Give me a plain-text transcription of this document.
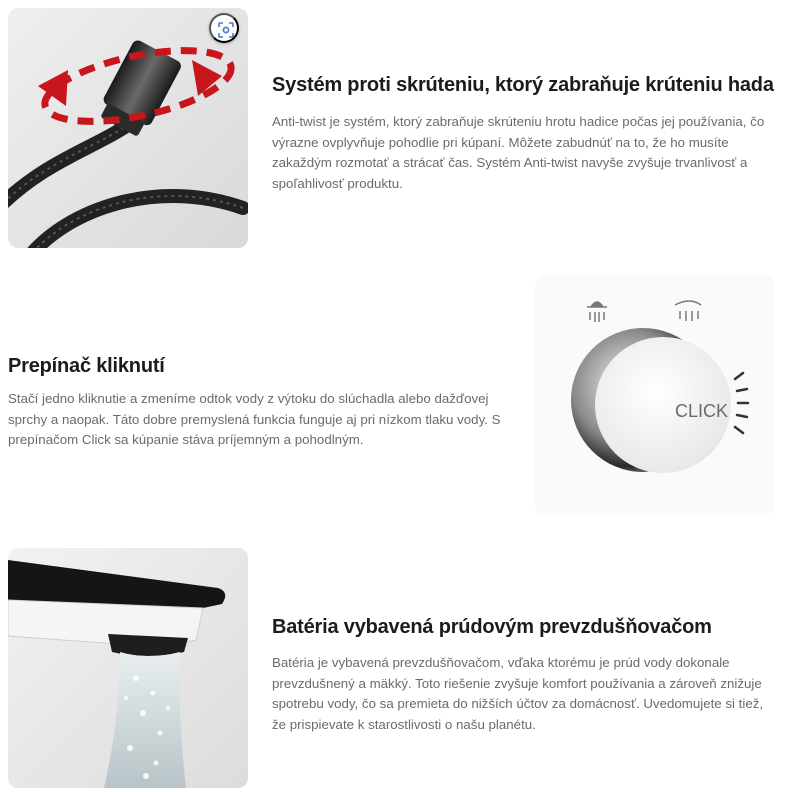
Systém proti skrúteniu, ktorý zabraňuje krúteniu hada

Anti-twist je systém, ktorý zabraňuje skrúteniu hrotu hadice počas jej používania, čo výrazne ovplyvňuje pohodlie pri kúpaní. Môžete zabudnúť na to, že ho musíte zakaždým rozmotať a strácať čas. Systém Anti-twist navyše zvyšuje trvanlivosť a spoľahlivosť produktu.

Prepínač kliknutí

Stačí jedno kliknutie a zmeníme odtok vody z výtoku do slúchadla alebo dažďovej sprchy a naopak. Táto dobre premyslená funkcia funguje aj pri nízkom tlaku vody. S prepínačom Click sa kúpanie stáva príjemným a pohodlným.

CLICK
Batéria vybavená prúdovým prevzdušňovačom

Batéria je vybavená prevzdušňovačom, vďaka ktorému je prúd vody dokonale prevzdušnený a mäkký. Toto riešenie zvyšuje komfort používania a zároveň znižuje spotrebu vody, čo sa premieta do nižších účtov za domácnosť. Uvedomujete si tiež, že prispievate k starostlivosti o našu planétu.
